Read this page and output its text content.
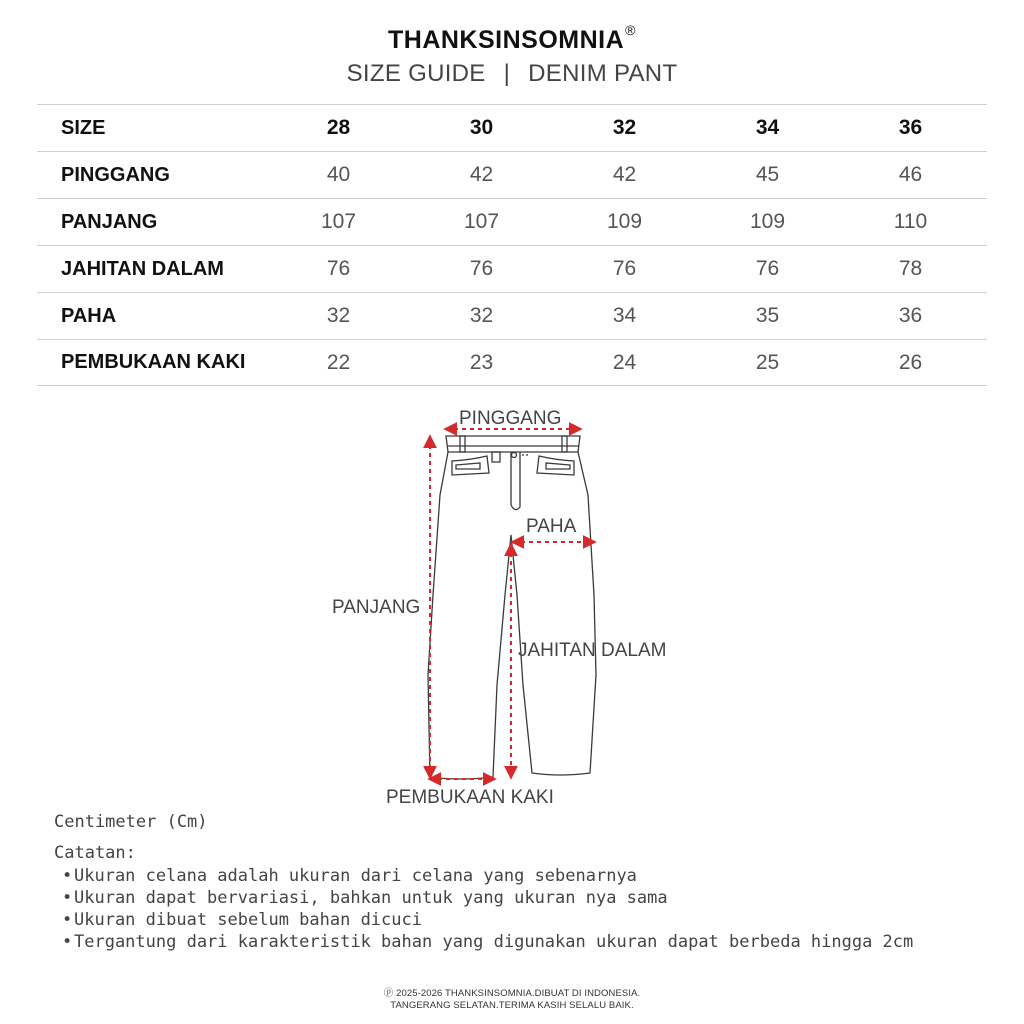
THANKSINSOMNIA®
SIZE GUIDE | DENIM PANT
SIZE	28	30	32	34	36
PINGGANG	40	42	42	45	46
PANJANG	107	107	109	109	110
JAHITAN DALAM	76	76	76	76	78
PAHA	32	32	34	35	36
PEMBUKAAN KAKI	22	23	24	25	26
PINGGANG
PAHA
PANJANG
JAHITAN DALAM
PEMBUKAAN KAKI
Centimeter (Cm)
Catatan:
• Ukuran celana adalah ukuran dari celana yang sebenarnya
• Ukuran dapat bervariasi, bahkan untuk yang ukuran nya sama
• Ukuran dibuat sebelum bahan dicuci
• Tergantung dari karakteristik bahan yang digunakan ukuran dapat berbeda hingga 2cm
ⓟ 2025-2026 THANKSINSOMNIA.DIBUAT DI INDONESIA.
TANGERANG SELATAN.TERIMA KASIH SELALU BAIK.
